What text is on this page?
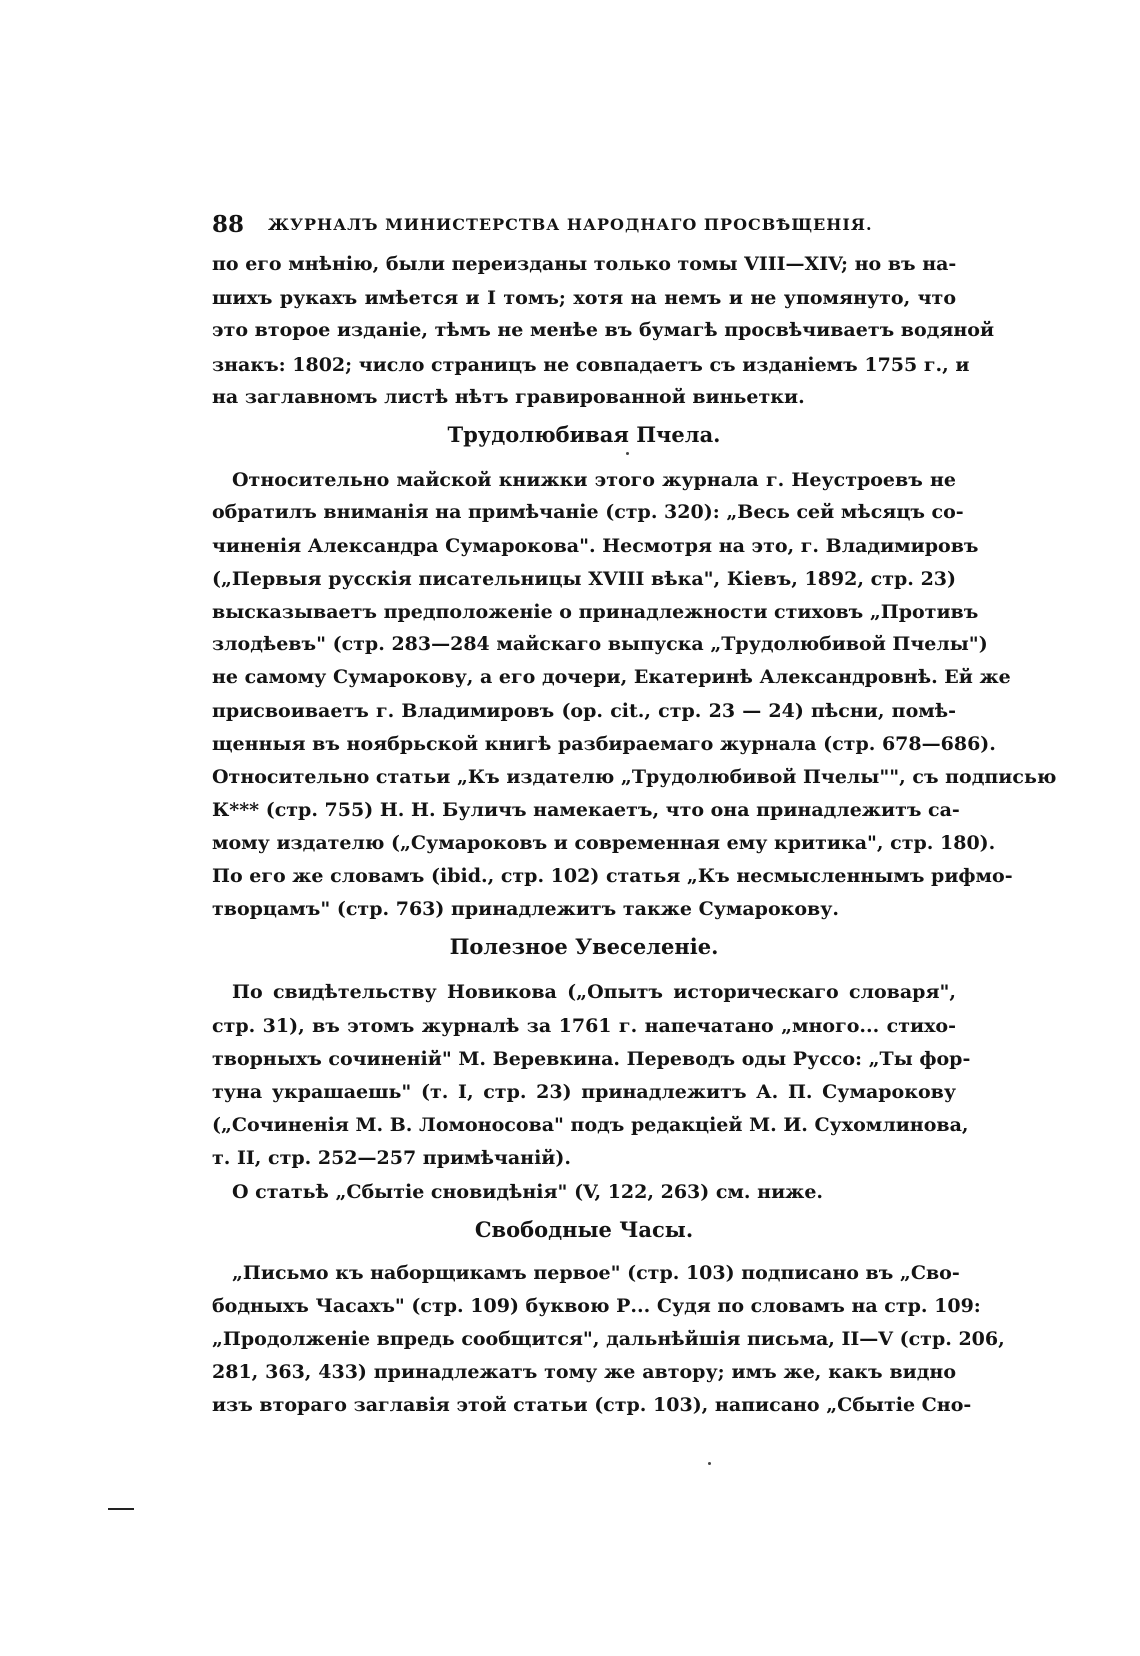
88 ЖУРНАЛЪ МИНИСТЕРСТВА НАРОДНАГО ПРОСВѢЩЕНІЯ.
по его мнѣнію, были переизданы только томы VIII—XIV; но въ на-
шихъ рукахъ имѣется и I томъ; хотя на немъ и не упомянуто, что
это второе изданіе, тѣмъ не менѣе въ бумагѣ просвѣчиваетъ водяной
знакъ: 1802; число страницъ не совпадаетъ съ изданіемъ 1755 г., и
на заглавномъ листѣ нѣтъ гравированной виньетки.
Трудолюбивая Пчела.
Относительно майской книжки этого журнала г. Неустроевъ не
обратилъ вниманія на примѣчаніе (стр. 320): „Весь сей мѣсяцъ со-
чиненія Александра Сумарокова". Несмотря на это, г. Владимировъ
(„Первыя русскія писательницы XVIII вѣка", Кіевъ, 1892, стр. 23)
высказываетъ предположеніе о принадлежности стиховъ „Противъ
злодѣевъ" (стр. 283—284 майскаго выпуска „Трудолюбивой Пчелы")
не самому Сумарокову, а его дочери, Екатеринѣ Александровнѣ. Ей же
присвоиваетъ г. Владимировъ (op. cit., стр. 23 — 24) пѣсни, помѣ-
щенныя въ ноябрьской книгѣ разбираемаго журнала (стр. 678—686).
Относительно статьи „Къ издателю „Трудолюбивой Пчелы"", съ подписью
К*** (стр. 755) Н. Н. Буличъ намекаетъ, что она принадлежитъ са-
мому издателю („Сумароковъ и современная ему критика", стр. 180).
По его же словамъ (ibid., стр. 102) статья „Къ несмысленнымъ рифмо-
творцамъ" (стр. 763) принадлежитъ также Сумарокову.
Полезное Увеселеніе.
По свидѣтельству Новикова („Опытъ историческаго словаря",
стр. 31), въ этомъ журналѣ за 1761 г. напечатано „много... стихо-
творныхъ сочиненій" М. Веревкина. Переводъ оды Руссо: „Ты фор-
туна украшаешь" (т. I, стр. 23) принадлежитъ А. П. Сумарокову
(„Сочиненія М. В. Ломоносова" подъ редакціей М. И. Сухомлинова,
т. II, стр. 252—257 примѣчаній).
О статьѣ „Сбытіе сновидѣнія" (V, 122, 263) см. ниже.
Свободные Часы.
„Письмо къ наборщикамъ первое" (стр. 103) подписано въ „Сво-
бодныхъ Часахъ" (стр. 109) буквою Р... Судя по словамъ на стр. 109:
„Продолженіе впредь сообщится", дальнѣйшія письма, II—V (стр. 206,
281, 363, 433) принадлежатъ тому же автору; имъ же, какъ видно
изъ втораго заглавія этой статьи (стр. 103), написано „Сбытіе Сно-
